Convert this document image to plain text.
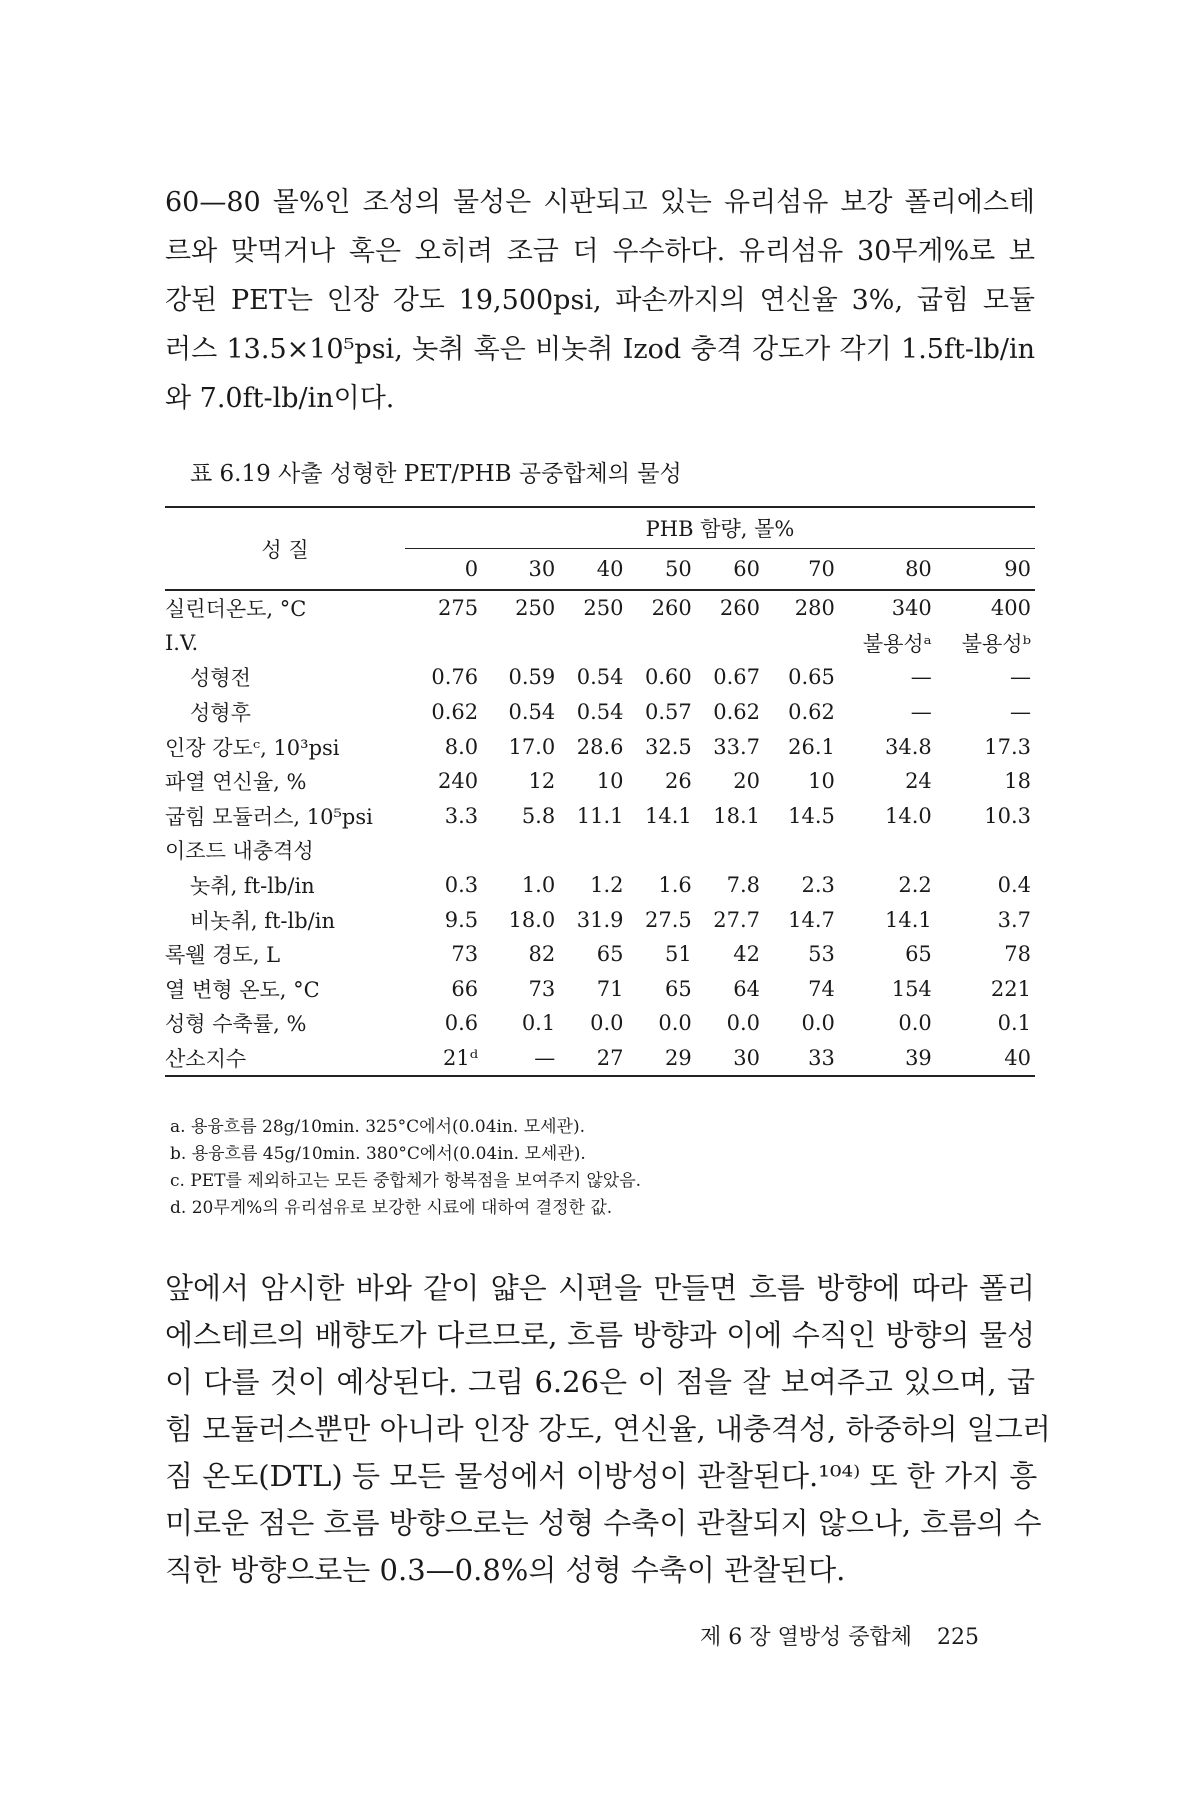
60—80 몰%인 조성의 물성은 시판되고 있는 유리섬유 보강 폴리에스테
르와 맞먹거나 혹은 오히려 조금 더 우수하다. 유리섬유 30무게%로 보
강된 PET는 인장 강도 19,500psi, 파손까지의 연신율 3%, 굽힘 모듈
러스 13.5×10⁵psi, 놋취 혹은 비놋취 Izod 충격 강도가 각기 1.5ft-lb/in
와 7.0ft-lb/in이다.
표 6.19 사출 성형한 PET/PHB 공중합체의 물성
성 질	PHB 함량, 몰%							
	0	30	40	50	60	70	80	90
실린더온도, °C	275	250	250	260	260	280	340	400
I.V.							불용성ᵃ	불용성ᵇ
성형전	0.76	0.59	0.54	0.60	0.67	0.65	—	—
성형후	0.62	0.54	0.54	0.57	0.62	0.62	—	—
인장 강도ᶜ, 10³psi	8.0	17.0	28.6	32.5	33.7	26.1	34.8	17.3
파열 연신율, %	240	12	10	26	20	10	24	18
굽힘 모듈러스, 10⁵psi	3.3	5.8	11.1	14.1	18.1	14.5	14.0	10.3
이조드 내충격성								
놋취, ft-lb/in	0.3	1.0	1.2	1.6	7.8	2.3	2.2	0.4
비놋취, ft-lb/in	9.5	18.0	31.9	27.5	27.7	14.7	14.1	3.7
록웰 경도, L	73	82	65	51	42	53	65	78
열 변형 온도, °C	66	73	71	65	64	74	154	221
성형 수축률, %	0.6	0.1	0.0	0.0	0.0	0.0	0.0	0.1
산소지수	21ᵈ	—	27	29	30	33	39	40
a. 용융흐름 28g/10min. 325°C에서(0.04in. 모세관).
b. 용융흐름 45g/10min. 380°C에서(0.04in. 모세관).
c. PET를 제외하고는 모든 중합체가 항복점을 보여주지 않았음.
d. 20무게%의 유리섬유로 보강한 시료에 대하여 결정한 값.
앞에서 암시한 바와 같이 얇은 시편을 만들면 흐름 방향에 따라 폴리
에스테르의 배향도가 다르므로, 흐름 방향과 이에 수직인 방향의 물성
이 다를 것이 예상된다. 그림 6.26은 이 점을 잘 보여주고 있으며, 굽
힘 모듈러스뿐만 아니라 인장 강도, 연신율, 내충격성, 하중하의 일그러
짐 온도(DTL) 등 모든 물성에서 이방성이 관찰된다.¹⁰⁴⁾ 또 한 가지 흥
미로운 점은 흐름 방향으로는 성형 수축이 관찰되지 않으나, 흐름의 수
직한 방향으로는 0.3—0.8%의 성형 수축이 관찰된다.
제 6 장 열방성 중합체 225
